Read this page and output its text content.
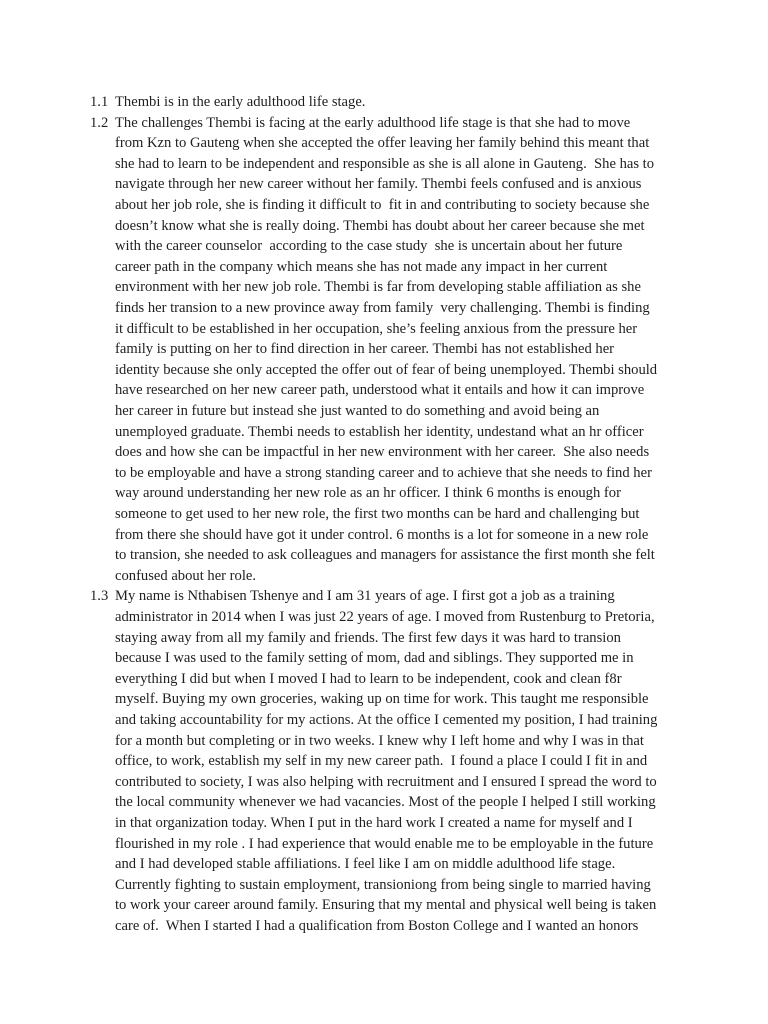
1.1 Thembi is in the early adulthood life stage.
1.2 The challenges Thembi is facing at the early adulthood life stage is that she had to move
from Kzn to Gauteng when she accepted the offer leaving her family behind this meant that
she had to learn to be independent and responsible as she is all alone in Gauteng.  She has to
navigate through her new career without her family. Thembi feels confused and is anxious
about her job role, she is finding it difficult to  fit in and contributing to society because she
doesn’t know what she is really doing. Thembi has doubt about her career because she met
with the career counselor  according to the case study  she is uncertain about her future
career path in the company which means she has not made any impact in her current
environment with her new job role. Thembi is far from developing stable affiliation as she
finds her transion to a new province away from family  very challenging. Thembi is finding
it difficult to be established in her occupation, she’s feeling anxious from the pressure her
family is putting on her to find direction in her career. Thembi has not established her
identity because she only accepted the offer out of fear of being unemployed. Thembi should
have researched on her new career path, understood what it entails and how it can improve
her career in future but instead she just wanted to do something and avoid being an
unemployed graduate. Thembi needs to establish her identity, undestand what an hr officer
does and how she can be impactful in her new environment with her career.  She also needs
to be employable and have a strong standing career and to achieve that she needs to find her
way around understanding her new role as an hr officer. I think 6 months is enough for
someone to get used to her new role, the first two months can be hard and challenging but
from there she should have got it under control. 6 months is a lot for someone in a new role
to transion, she needed to ask colleagues and managers for assistance the first month she felt
confused about her role.
1.3 My name is Nthabisen Tshenye and I am 31 years of age. I first got a job as a training
administrator in 2014 when I was just 22 years of age. I moved from Rustenburg to Pretoria,
staying away from all my family and friends. The first few days it was hard to transion
because I was used to the family setting of mom, dad and siblings. They supported me in
everything I did but when I moved I had to learn to be independent, cook and clean f8r
myself. Buying my own groceries, waking up on time for work. This taught me responsible
and taking accountability for my actions. At the office I cemented my position, I had training
for a month but completing or in two weeks. I knew why I left home and why I was in that
office, to work, establish my self in my new career path.  I found a place I could I fit in and
contributed to society, I was also helping with recruitment and I ensured I spread the word to
the local community whenever we had vacancies. Most of the people I helped I still working
in that organization today. When I put in the hard work I created a name for myself and I
flourished in my role . I had experience that would enable me to be employable in the future
and I had developed stable affiliations. I feel like I am on middle adulthood life stage.
Currently fighting to sustain employment, transioniong from being single to married having
to work your career around family. Ensuring that my mental and physical well being is taken
care of.  When I started I had a qualification from Boston College and I wanted an honors
